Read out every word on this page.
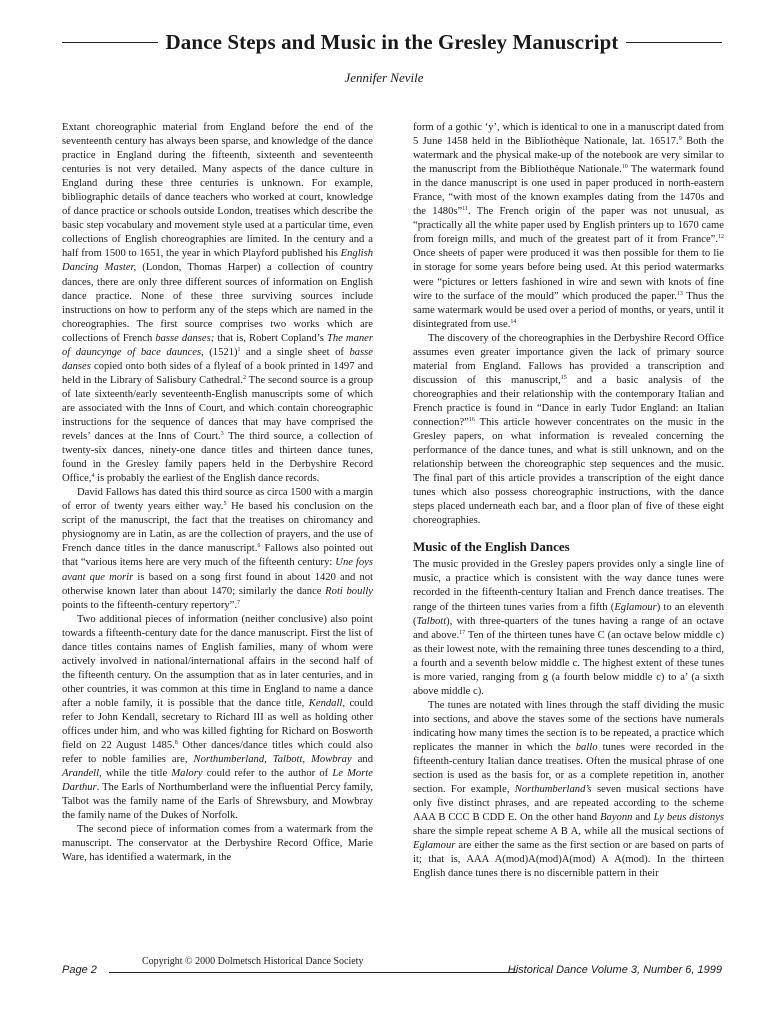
Dance Steps and Music in the Gresley Manuscript
Jennifer Nevile

Extant choreographic material from England before the end of the seventeenth century has always been sparse, and knowledge of the dance practice in England during the fifteenth, sixteenth and seventeenth centuries is not very detailed. Many aspects of the dance culture in England during these three centuries is unknown. For example, bibliographic details of dance teachers who worked at court, knowledge of dance practice or schools outside London, treatises which describe the basic step vocabulary and movement style used at a particular time, even collections of English choreographies are limited. In the century and a half from 1500 to 1651, the year in which Playford published his English Dancing Master, (London, Thomas Harper) a collection of country dances, there are only three different sources of information on English dance practice. None of these three surviving sources include instructions on how to perform any of the steps which are named in the choreographies. The first source comprises two works which are collections of French basse danses; that is, Robert Copland’s The maner of dauncynge of bace daunces, $(1521)^1$ and a single sheet of basse danses copied onto both sides of a flyleaf of a book printed in 1497 and held in the Library of Salisbury Cathedral.$^2$ The second source is a group of late sixteenth/early seventeenth-English manuscripts some of which are associated with the Inns of Court, and which contain choreographic instructions for the sequence of dances that may have comprised the revels’ dances at the Inns of Court.$^3$ The third source, a collection of twenty-six dances, ninety-one dance titles and thirteen dance tunes, found in the Gresley family papers held in the Derbyshire Record Office,$^4$ is probably the earliest of the English dance records.

David Fallows has dated this third source as circa 1500 with a margin of error of twenty years either way.$^5$ He based his conclusion on the script of the manuscript, the fact that the treatises on chiromancy and physiognomy are in Latin, as are the collection of prayers, and the use of French dance titles in the dance manuscript.$^6$ Fallows also pointed out that “various items here are very much of the fifteenth century: Une foys avant que morir is based on a song first found in about 1420 and not otherwise known later than about 1470; similarly the dance Roti boully points to the fifteenth-century repertory”.$^7$

Two additional pieces of information (neither conclusive) also point towards a fifteenth-century date for the dance manuscript. First the list of dance titles contains names of English families, many of whom were actively involved in national/international affairs in the second half of the fifteenth century. On the assumption that as in later centuries, and in other countries, it was common at this time in England to name a dance after a noble family, it is possible that the dance title, Kendall, could refer to John Kendall, secretary to Richard III as well as holding other offices under him, and who was killed fighting for Richard on Bosworth field on 22 August 1485.$^8$ Other dances/dance titles which could also refer to noble families are, Northumberland, Talbott, Mowbray and Arandell, while the title Malory could refer to the author of Le Morte Darthur. The Earls of Northumberland were the influential Percy family, Talbot was the family name of the Earls of Shrewsbury, and Mowbray the family name of the Dukes of Norfolk.

The second piece of information comes from a watermark from the manuscript. The conservator at the Derbyshire Record Office, Marie Ware, has identified a watermark, in the

form of a gothic ‘y’, which is identical to one in a manuscript dated from 5 June 1458 held in the Bibliothèque Nationale, lat. 16517.$^9$ Both the watermark and the physical make-up of the notebook are very similar to the manuscript from the Bibliothèque Nationale.$^{10}$ The watermark found in the dance manuscript is one used in paper produced in north-eastern France, “with most of the known examples dating from the 1470s and the 1480s”$^{11}$. The French origin of the paper was not unusual, as “practically all the white paper used by English printers up to 1670 came from foreign mills, and much of the greatest part of it from France”.$^{12}$ Once sheets of paper were produced it was then possible for them to lie in storage for some years before being used. At this period watermarks were “pictures or letters fashioned in wire and sewn with knots of fine wire to the surface of the mould” which produced the paper.$^{13}$ Thus the same watermark would be used over a period of months, or years, until it disintegrated from use.$^{14}$

The discovery of the choreographies in the Derbyshire Record Office assumes even greater importance given the lack of primary source material from England. Fallows has provided a transcription and discussion of this manuscript,$^{15}$ and a basic analysis of the choreographies and their relationship with the contemporary Italian and French practice is found in “Dance in early Tudor England: an Italian connection?”$^{16}$ This article however concentrates on the music in the Gresley papers, on what information is revealed concerning the performance of the dance tunes, and what is still unknown, and on the relationship between the choreographic step sequences and the music. The final part of this article provides a transcription of the eight dance tunes which also possess choreographic instructions, with the dance steps placed underneath each bar, and a floor plan of five of these eight choreographies.

Music of the English Dances

The music provided in the Gresley papers provides only a single line of music, a practice which is consistent with the way dance tunes were recorded in the fifteenth-century Italian and French dance treatises. The range of the thirteen tunes varies from a fifth (Eglamour) to an eleventh (Talbott), with three-quarters of the tunes having a range of an octave and above.$^{17}$ Ten of the thirteen tunes have C (an octave below middle c) as their lowest note, with the remaining three tunes descending to a third, a fourth and a seventh below middle c. The highest extent of these tunes is more varied, ranging from g (a fourth below middle c) to a’ (a sixth above middle c).

The tunes are notated with lines through the staff dividing the music into sections, and above the staves some of the sections have numerals indicating how many times the section is to be repeated, a practice which replicates the manner in which the ballo tunes were recorded in the fifteenth-century Italian dance treatises. Often the musical phrase of one section is used as the basis for, or as a complete repetition in, another section. For example, Northumberland’s seven musical sections have only five distinct phrases, and are repeated according to the scheme AAA B CCC B CDD E. On the other hand Bayonn and Ly beus distonys share the simple repeat scheme A B A, while all the musical sections of Eglamour are either the same as the first section or are based on parts of it; that is, AAA A(mod)A(mod)A(mod) A A(mod). In the thirteen English dance tunes there is no discernible pattern in their

Page 2
Copyright © 2000 Dolmetsch Historical Dance Society
Historical Dance Volume 3, Number 6, 1999
